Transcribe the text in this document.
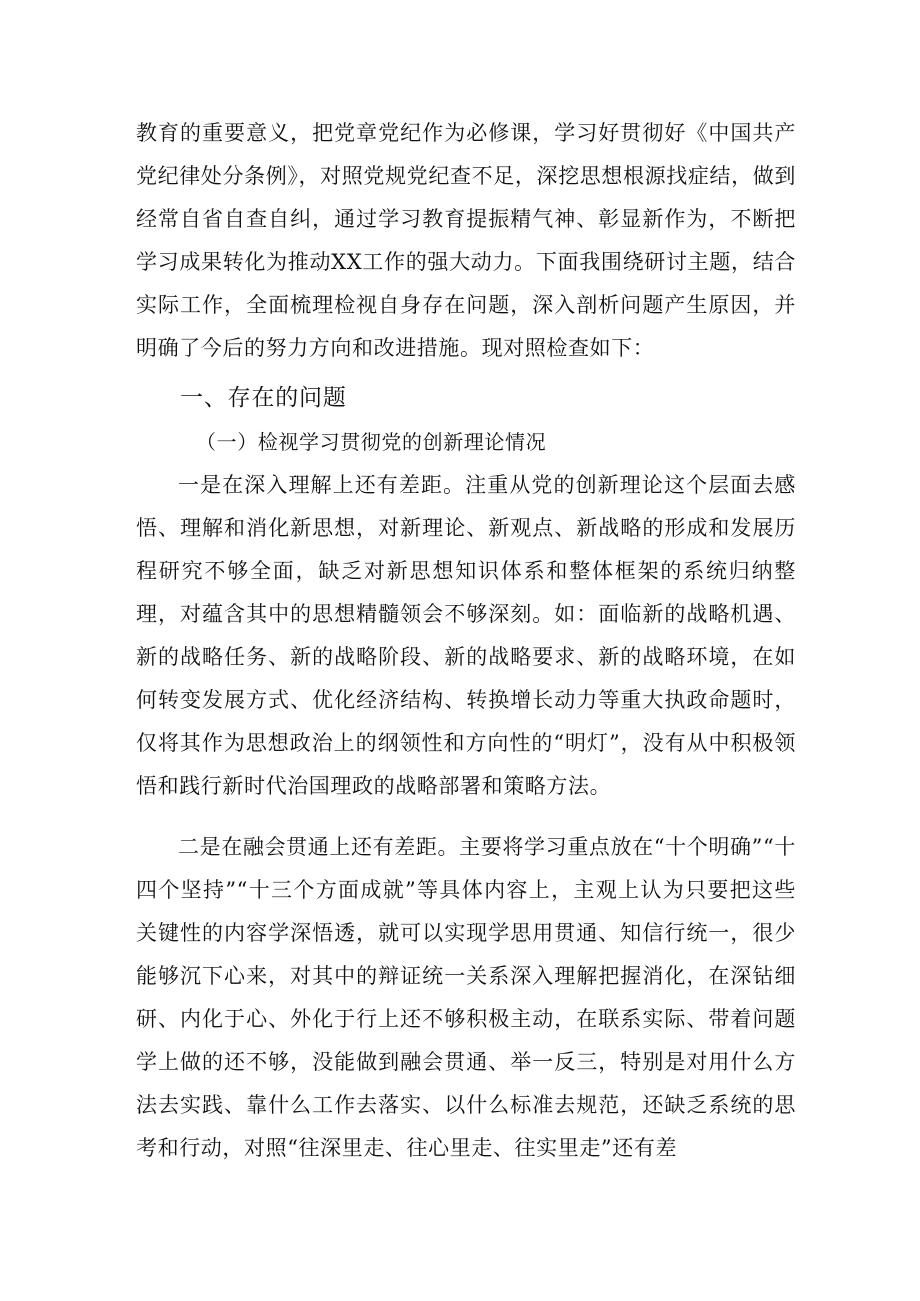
教育的重要意义，把党章党纪作为必修课，学习好贯彻好《中国共产党纪律处分条例》，对照党规党纪查不足，深挖思想根源找症结，做到经常自省自查自纠，通过学习教育提振精气神、彰显新作为，不断把学习成果转化为推动XX工作的强大动力。下面我围绕研讨主题，结合实际工作，全面梳理检视自身存在问题，深入剖析问题产生原因，并明确了今后的努力方向和改进措施。现对照检查如下：

一、存在的问题
（一）检视学习贯彻党的创新理论情况

一是在深入理解上还有差距。注重从党的创新理论这个层面去感悟、理解和消化新思想，对新理论、新观点、新战略的形成和发展历程研究不够全面，缺乏对新思想知识体系和整体框架的系统归纳整理，对蕴含其中的思想精髓领会不够深刻。如：面临新的战略机遇、新的战略任务、新的战略阶段、新的战略要求、新的战略环境，在如何转变发展方式、优化经济结构、转换增长动力等重大执政命题时，仅将其作为思想政治上的纲领性和方向性的“明灯”，没有从中积极领悟和践行新时代治国理政的战略部署和策略方法。

二是在融会贯通上还有差距。主要将学习重点放在“十个明确”“十四个坚持”“十三个方面成就”等具体内容上，主观上认为只要把这些关键性的内容学深悟透，就可以实现学思用贯通、知信行统一，很少能够沉下心来，对其中的辩证统一关系深入理解把握消化，在深钻细研、内化于心、外化于行上还不够积极主动，在联系实际、带着问题学上做的还不够，没能做到融会贯通、举一反三，特别是对用什么方法去实践、靠什么工作去落实、以什么标准去规范，还缺乏系统的思考和行动，对照“往深里走、往心里走、往实里走”还有差
